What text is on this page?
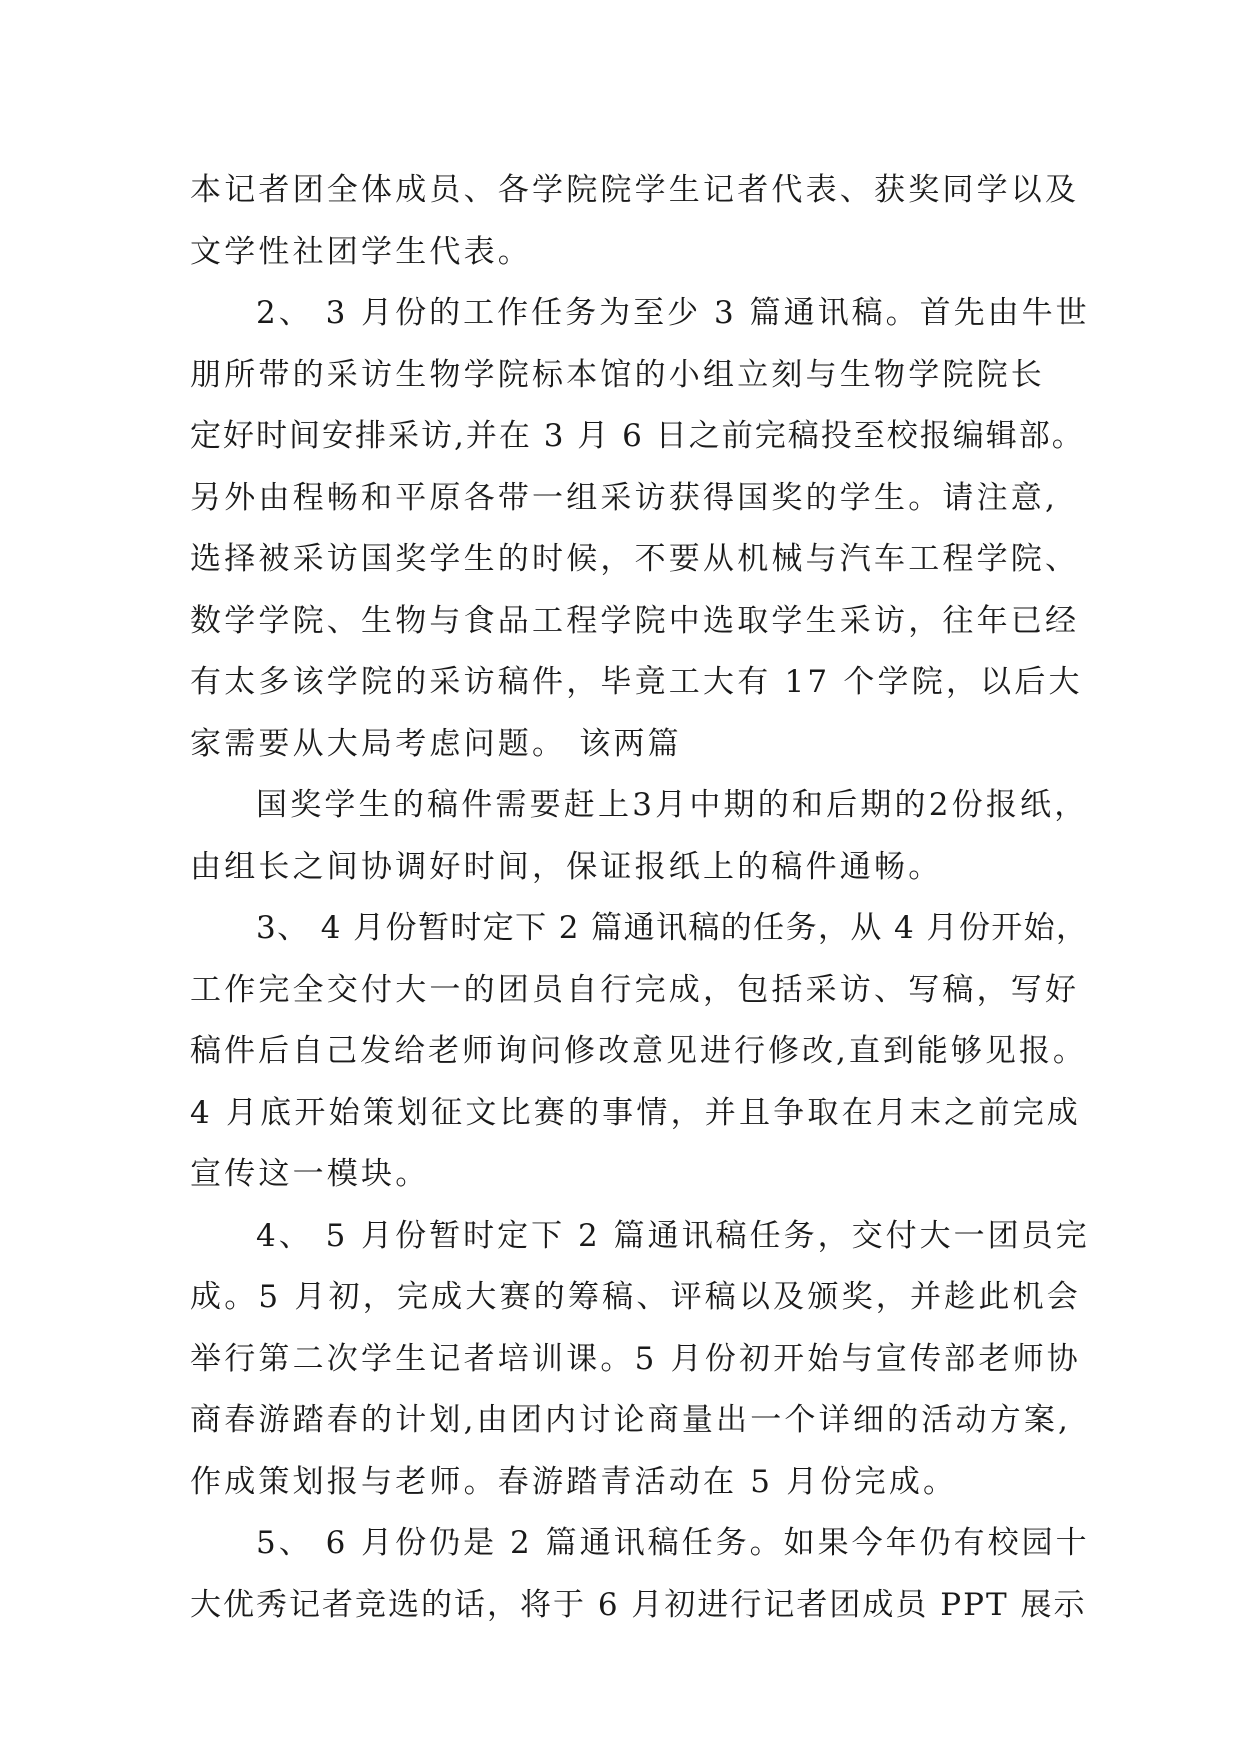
本记者团全体成员、各学院院学生记者代表、获奖同学以及
文学性社团学生代表。
2、 3 月份的工作任务为至少 3 篇通讯稿。首先由牛世
朋所带的采访生物学院标本馆的小组立刻与生物学院院长
定好时间安排采访,并在 3 月 6 日之前完稿投至校报编辑部。
另外由程畅和平原各带一组采访获得国奖的学生。请注意,
选择被采访国奖学生的时候，不要从机械与汽车工程学院、
数学学院、生物与食品工程学院中选取学生采访，往年已经
有太多该学院的采访稿件，毕竟工大有 17 个学院，以后大
家需要从大局考虑问题。 该两篇
国奖学生的稿件需要赶上3月中期的和后期的2份报纸，
由组长之间协调好时间，保证报纸上的稿件通畅。
3、 4 月份暂时定下 2 篇通讯稿的任务，从 4 月份开始，
工作完全交付大一的团员自行完成，包括采访、写稿，写好
稿件后自己发给老师询问修改意见进行修改,直到能够见报。
4 月底开始策划征文比赛的事情，并且争取在月末之前完成
宣传这一模块。
4、 5 月份暂时定下 2 篇通讯稿任务，交付大一团员完
成。5 月初，完成大赛的筹稿、评稿以及颁奖，并趁此机会
举行第二次学生记者培训课。5 月份初开始与宣传部老师协
商春游踏春的计划,由团内讨论商量出一个详细的活动方案,
作成策划报与老师。春游踏青活动在 5 月份完成。
5、 6 月份仍是 2 篇通讯稿任务。如果今年仍有校园十
大优秀记者竞选的话，将于 6 月初进行记者团成员 PPT 展示
